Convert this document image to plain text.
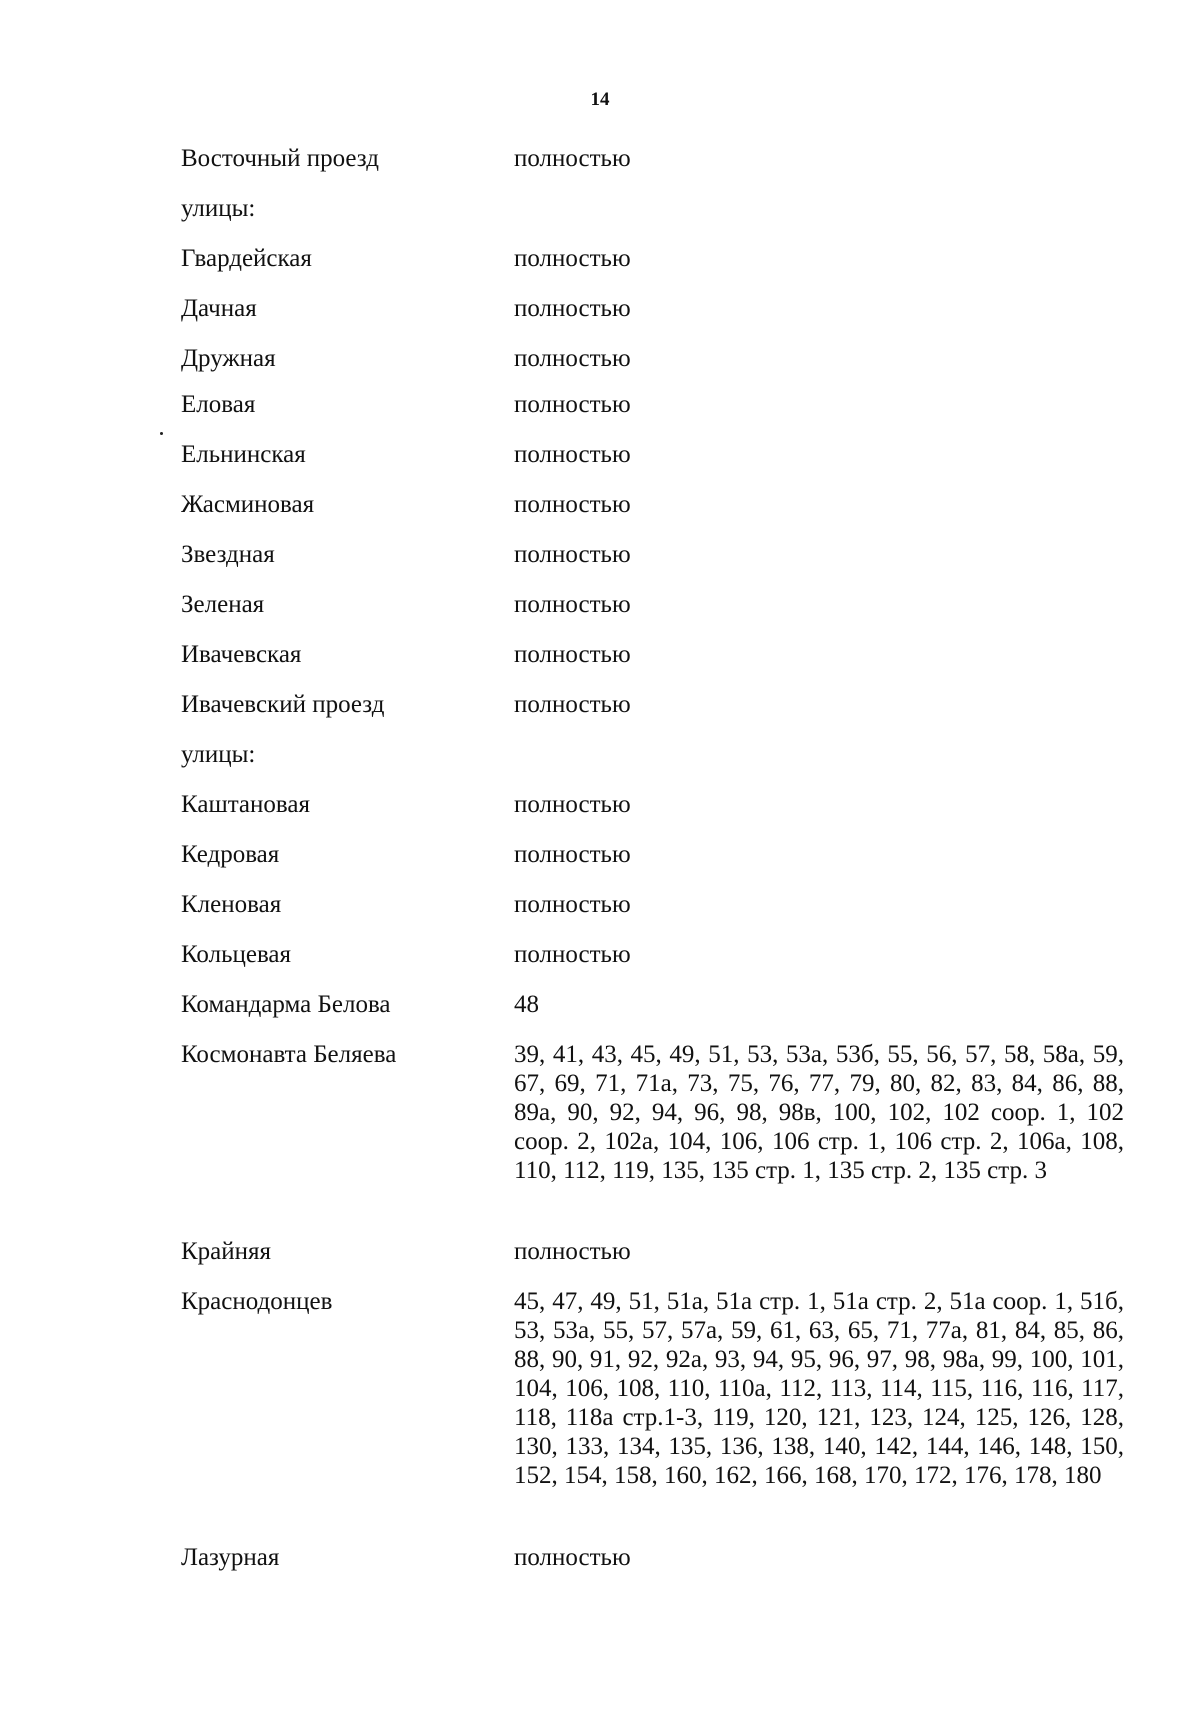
14
Восточный проезд	полностью
улицы:
Гвардейская	полностью
Дачная	полностью
Дружная	полностью
Еловая	полностью
Ельнинская	полностью
Жасминовая	полностью
Звездная	полностью
Зеленая	полностью
Ивачевская	полностью
Ивачевский проезд	полностью
улицы:
Каштановая	полностью
Кедровая	полностью
Кленовая	полностью
Кольцевая	полностью
Командарма Белова	48
Космонавта Беляева	39, 41, 43, 45, 49, 51, 53, 53а, 53б, 55, 56, 57, 58, 58а, 59, 67, 69, 71, 71а, 73, 75, 76, 77, 79, 80, 82, 83, 84, 86, 88, 89а, 90, 92, 94, 96, 98, 98в, 100, 102, 102 соор. 1, 102 соор. 2, 102а, 104, 106, 106 стр. 1, 106 стр. 2, 106а, 108, 110, 112, 119, 135, 135 стр. 1, 135 стр. 2, 135 стр. 3
Крайняя	полностью
Краснодонцев	45, 47, 49, 51, 51а, 51а стр. 1, 51а стр. 2, 51а соор. 1, 51б, 53, 53а, 55, 57, 57а, 59, 61, 63, 65, 71, 77а, 81, 84, 85, 86, 88, 90, 91, 92, 92а, 93, 94, 95, 96, 97, 98, 98а, 99, 100, 101, 104, 106, 108, 110, 110а, 112, 113, 114, 115, 116, 116, 117, 118, 118а стр.1-3, 119, 120, 121, 123, 124, 125, 126, 128, 130, 133, 134, 135, 136, 138, 140, 142, 144, 146, 148, 150, 152, 154, 158, 160, 162, 166, 168, 170, 172, 176, 178, 180
Лазурная	полностью
